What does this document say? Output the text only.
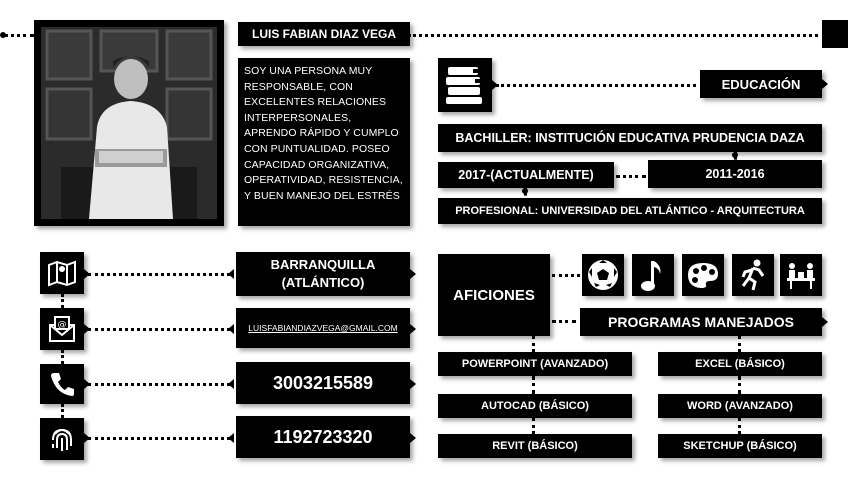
LUIS FABIAN DIAZ VEGA
SOY UNA PERSONA MUY RESPONSABLE, CON EXCELENTES RELACIONES INTERPERSONALES, APRENDO RÁPIDO Y CUMPLO CON PUNTUALIDAD. POSEO CAPACIDAD ORGANIZATIVA, OPERATIVIDAD, RESISTENCIA, Y BUEN MANEJO DEL ESTRÉS
EDUCACIÓN
BACHILLER: INSTITUCIÓN EDUCATIVA PRUDENCIA DAZA
2017-(ACTUALMENTE)	2011-2016
PROFESIONAL: UNIVERSIDAD DEL ATLÁNTICO - ARQUITECTURA
BARRANQUILLA
(ATLÁNTICO)
@	LUISFABIANDIAZVEGA@GMAIL.COM
3003215589
1192723320
AFICIONES
PROGRAMAS MANEJADOS
POWERPOINT (AVANZADO)	EXCEL (BÁSICO)
AUTOCAD (BÁSICO)	WORD (AVANZADO)
REVIT (BÁSICO)	SKETCHUP (BÁSICO)
